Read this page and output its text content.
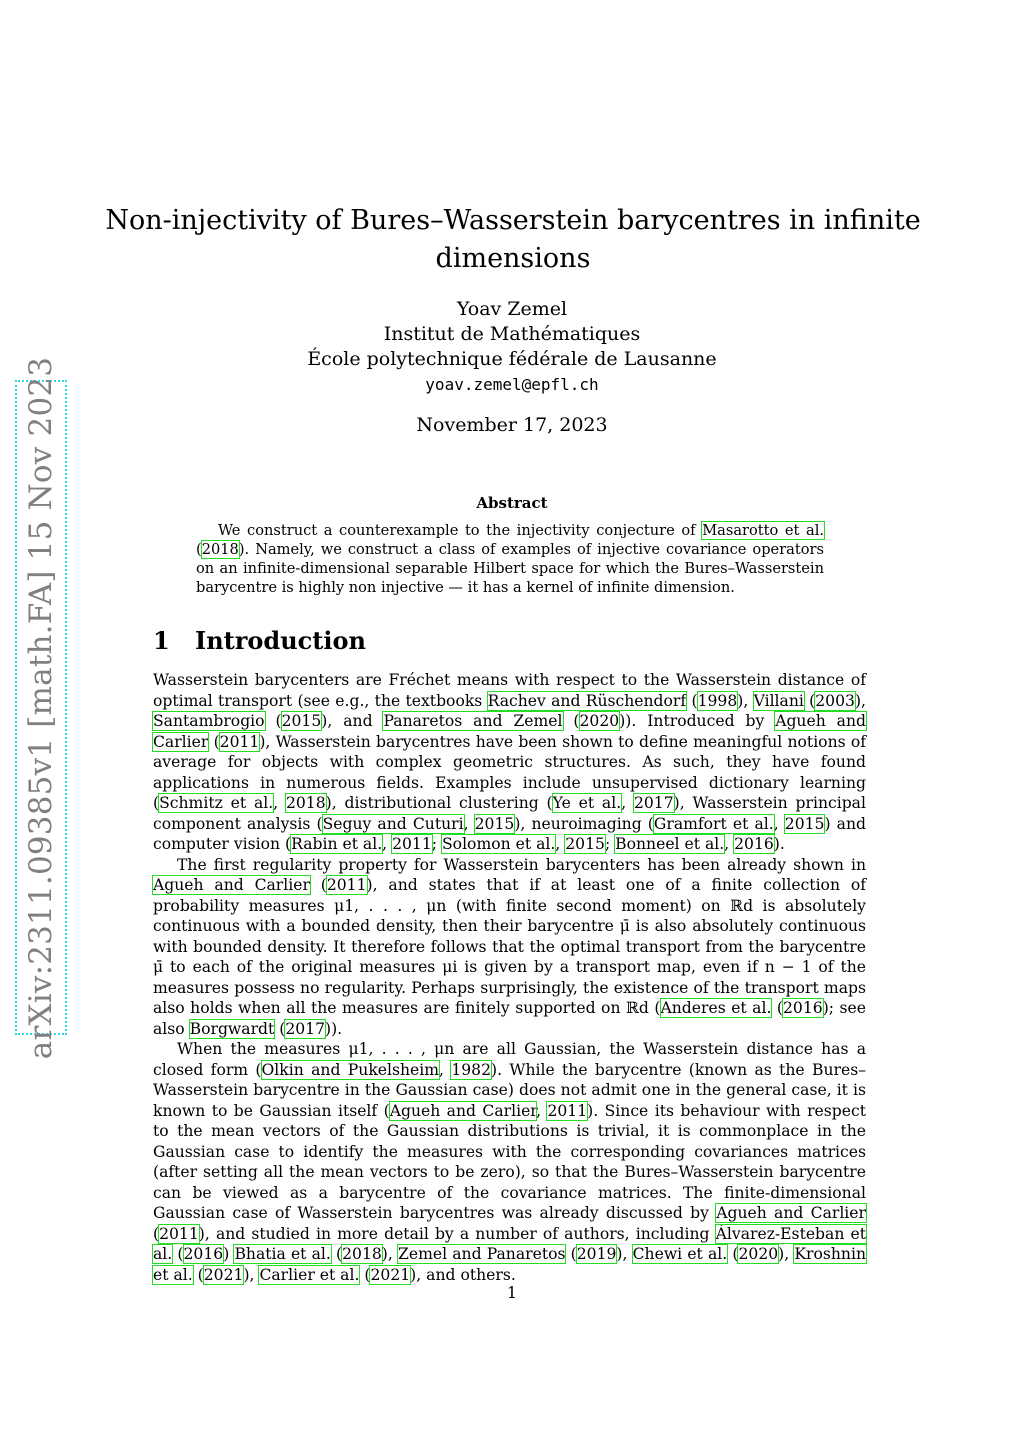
arXiv:2311.09385v1 [math.FA] 15 Nov 2023
Non-injectivity of Bures–Wasserstein barycentres in infinite
dimensions
Yoav Zemel
Institut de Mathématiques
École polytechnique fédérale de Lausanne
yoav.zemel@epfl.ch
November 17, 2023
Abstract

We construct a counterexample to the injectivity conjecture of Masarotto et al. (2018). Namely, we construct a class of examples of injective covariance operators on an infinite-dimensional separable Hilbert space for which the Bures–Wasserstein barycentre is highly non injective — it has a kernel of infinite dimension.

1 Introduction

Wasserstein barycenters are Fréchet means with respect to the Wasserstein distance of optimal transport (see e.g., the textbooks Rachev and Rüschendorf (1998), Villani (2003), Santambrogio (2015), and Panaretos and Zemel (2020)). Introduced by Agueh and Carlier (2011), Wasserstein barycentres have been shown to define meaningful notions of average for objects with complex geometric structures. As such, they have found applications in numerous fields. Examples include unsupervised dictionary learning (Schmitz et al., 2018), distributional clustering (Ye et al., 2017), Wasserstein principal component analysis (Seguy and Cuturi, 2015), neuroimaging (Gramfort et al., 2015) and computer vision (Rabin et al., 2011; Solomon et al., 2015; Bonneel et al., 2016).

The first regularity property for Wasserstein barycenters has been already shown in Agueh and Carlier (2011), and states that if at least one of a finite collection of probability measures μ1, . . . , μn (with finite second moment) on ℝd is absolutely continuous with a bounded density, then their barycentre μ̄ is also absolutely continuous with bounded density. It therefore follows that the optimal transport from the barycentre μ̄ to each of the original measures μi is given by a transport map, even if n − 1 of the measures possess no regularity. Perhaps surprisingly, the existence of the transport maps also holds when all the measures are finitely supported on ℝd (Anderes et al. (2016); see also Borgwardt (2017)).

When the measures μ1, . . . , μn are all Gaussian, the Wasserstein distance has a closed form (Olkin and Pukelsheim, 1982). While the barycentre (known as the Bures–Wasserstein barycentre in the Gaussian case) does not admit one in the general case, it is known to be Gaussian itself (Agueh and Carlier, 2011). Since its behaviour with respect to the mean vectors of the Gaussian distributions is trivial, it is commonplace in the Gaussian case to identify the measures with the corresponding covariances matrices (after setting all the mean vectors to be zero), so that the Bures–Wasserstein barycentre can be viewed as a barycentre of the covariance matrices. The finite-dimensional Gaussian case of Wasserstein barycentres was already discussed by Agueh and Carlier (2011), and studied in more detail by a number of authors, including Álvarez-Esteban et al. (2016) Bhatia et al. (2018), Zemel and Panaretos (2019), Chewi et al. (2020), Kroshnin et al. (2021), Carlier et al. (2021), and others.

1
